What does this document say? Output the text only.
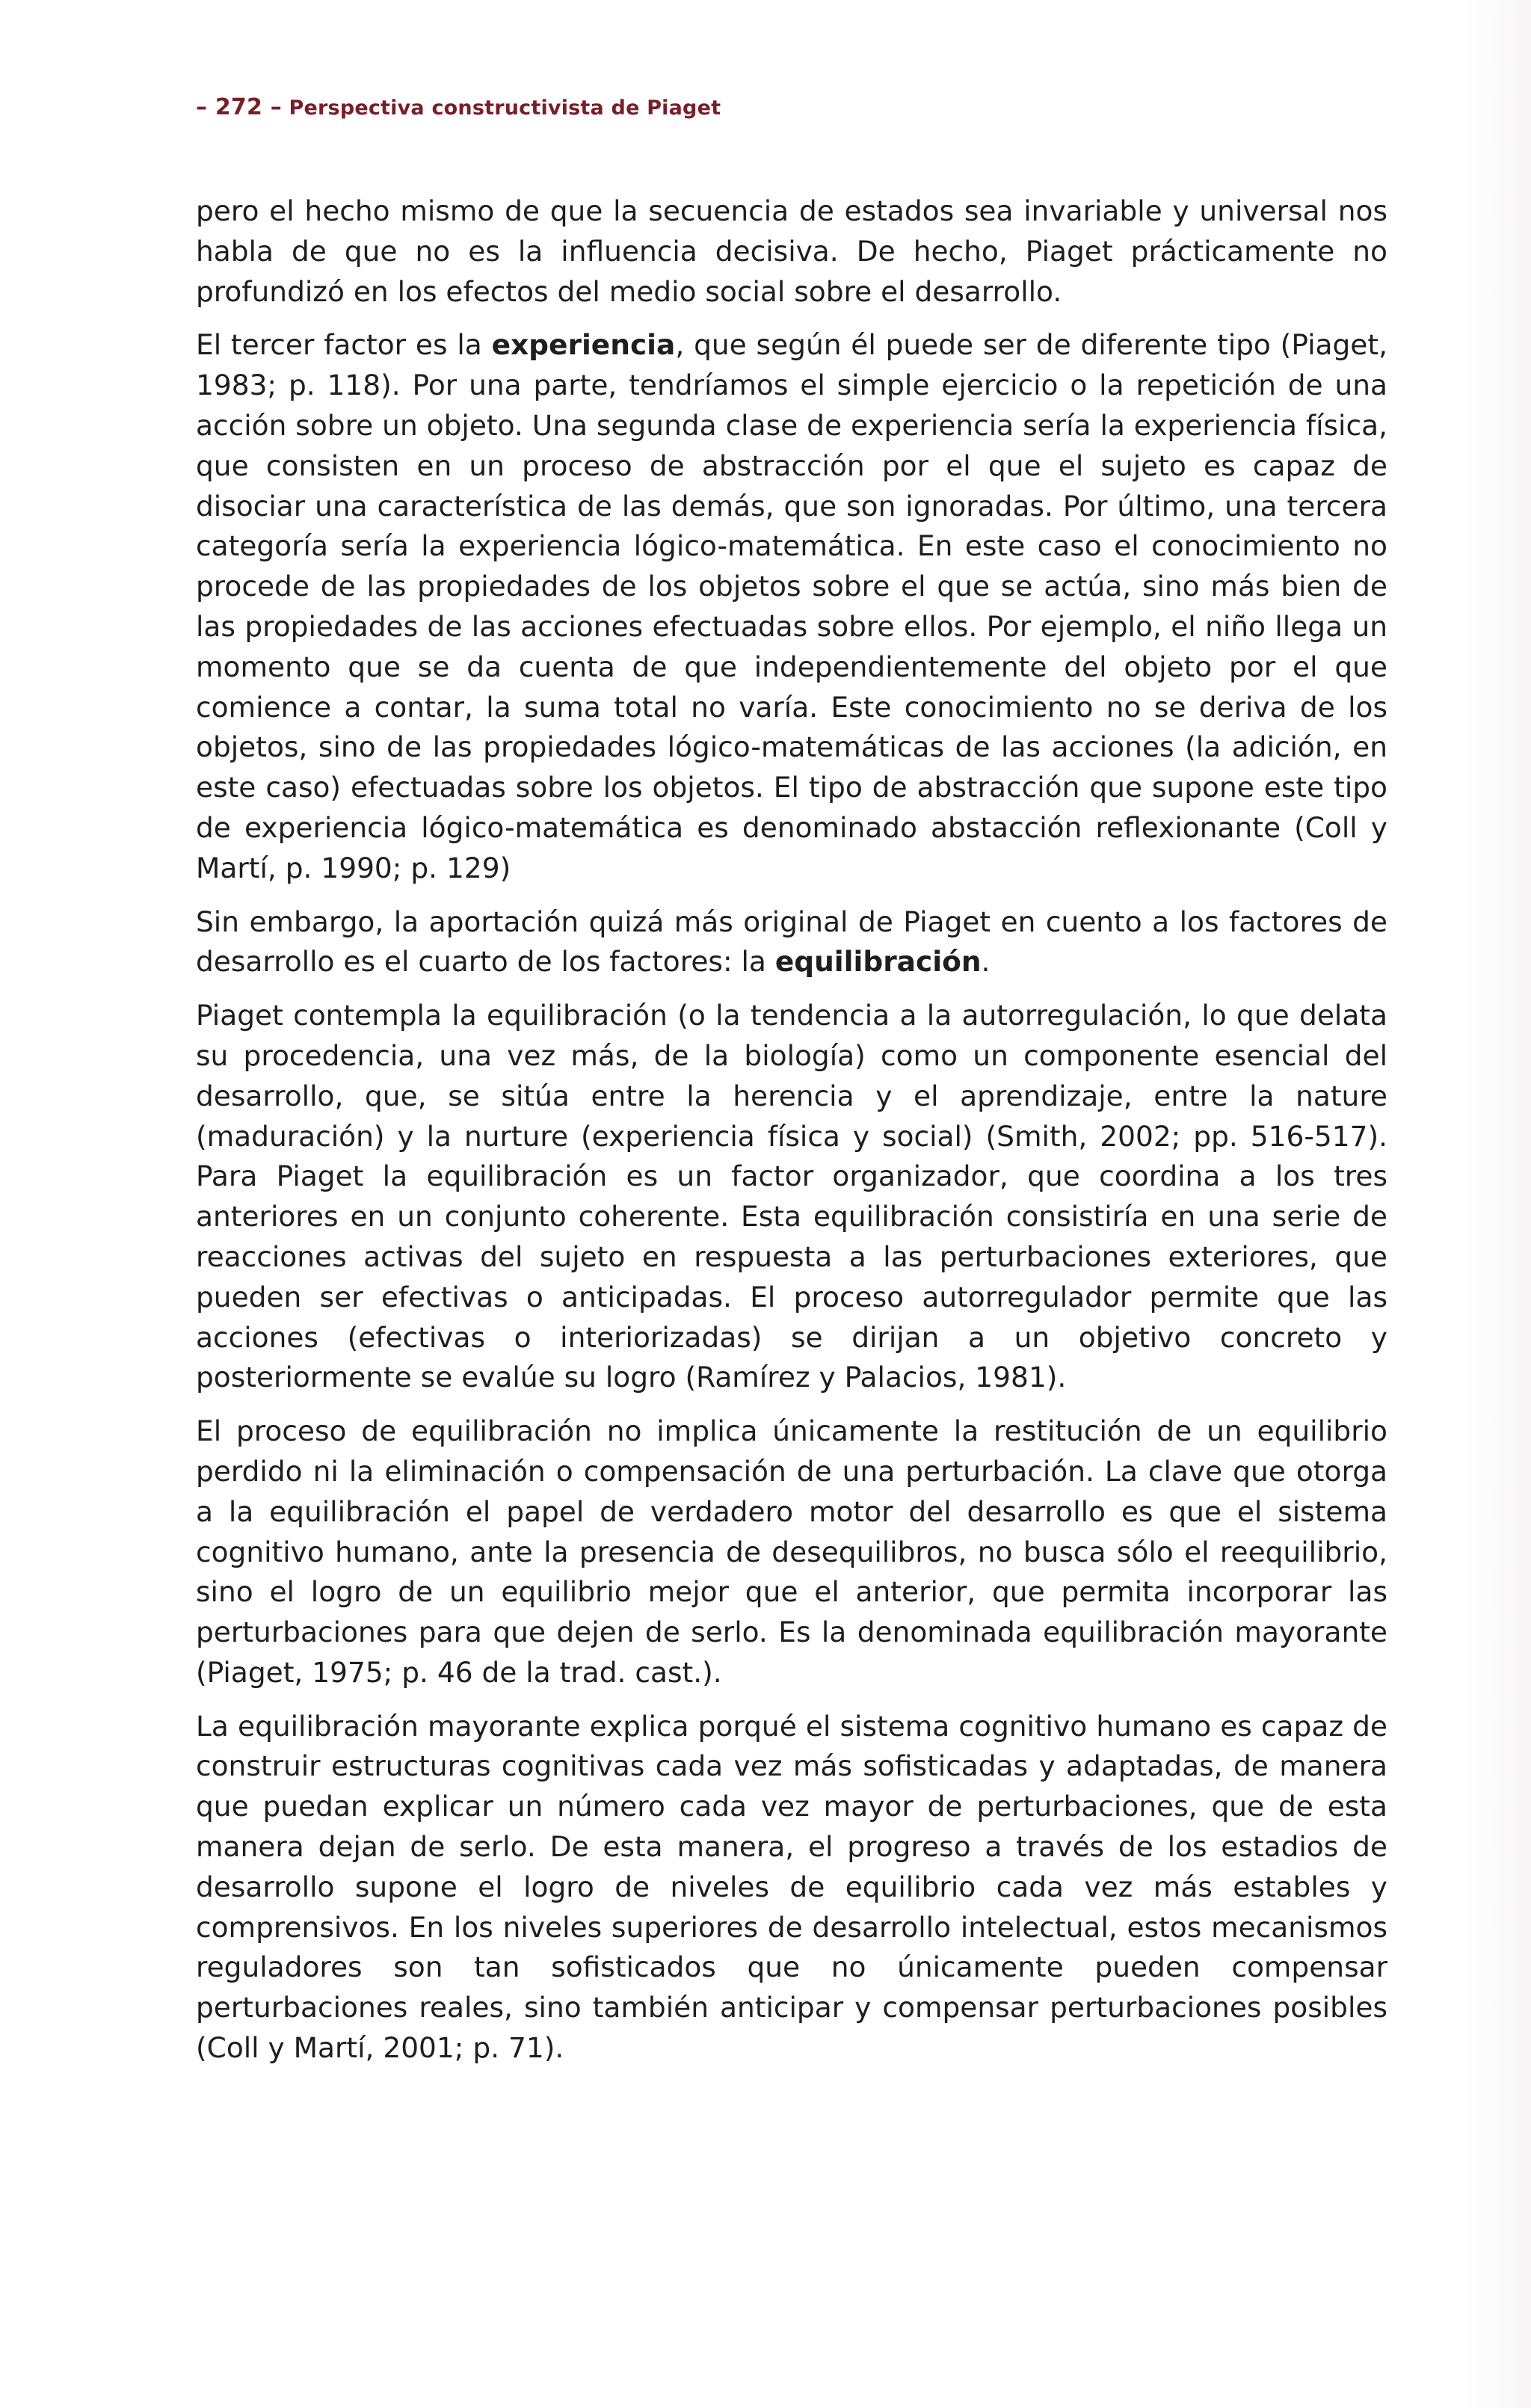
– 272 – Perspectiva constructivista de Piaget

pero el hecho mismo de que la secuencia de estados sea invariable y universal nos habla de que no es la influencia decisiva. De hecho, Piaget prácticamente no profundizó en los efectos del medio social sobre el desarrollo.

El tercer factor es la experiencia, que según él puede ser de diferente tipo (Piaget, 1983; p. 118). Por una parte, tendríamos el simple ejercicio o la repetición de una acción sobre un objeto. Una segunda clase de experiencia sería la experiencia física, que consisten en un proceso de abstracción por el que el sujeto es capaz de disociar una característica de las demás, que son ignoradas. Por último, una tercera categoría sería la experiencia lógico-matemática. En este caso el conocimiento no procede de las propiedades de los objetos sobre el que se actúa, sino más bien de las propiedades de las acciones efectuadas sobre ellos. Por ejemplo, el niño llega un momento que se da cuenta de que independientemente del objeto por el que comience a contar, la suma total no varía. Este conocimiento no se deriva de los objetos, sino de las propiedades lógico-matemáticas de las acciones (la adición, en este caso) efectuadas sobre los objetos. El tipo de abstracción que supone este tipo de experiencia lógico-matemática es denominado abstacción reflexionante (Coll y Martí, p. 1990; p. 129)

Sin embargo, la aportación quizá más original de Piaget en cuento a los factores de desarrollo es el cuarto de los factores: la equilibración.

Piaget contempla la equilibración (o la tendencia a la autorregulación, lo que delata su procedencia, una vez más, de la biología) como un componente esencial del desarrollo, que, se sitúa entre la herencia y el aprendizaje, entre la nature (maduración) y la nurture (experiencia física y social) (Smith, 2002; pp. 516-517). Para Piaget la equilibración es un factor organizador, que coordina a los tres anteriores en un conjunto coherente. Esta equilibración consistiría en una serie de reacciones activas del sujeto en respuesta a las perturbaciones exteriores, que pueden ser efectivas o anticipadas. El proceso autorregulador permite que las acciones (efectivas o interiorizadas) se dirijan a un objetivo concreto y posteriormente se evalúe su logro (Ramírez y Palacios, 1981).

El proceso de equilibración no implica únicamente la restitución de un equilibrio perdido ni la eliminación o compensación de una perturbación. La clave que otorga a la equilibración el papel de verdadero motor del desarrollo es que el sistema cognitivo humano, ante la presencia de desequilibros, no busca sólo el reequilibrio, sino el logro de un equilibrio mejor que el anterior, que permita incorporar las perturbaciones para que dejen de serlo. Es la denominada equilibración mayorante (Piaget, 1975; p. 46 de la trad. cast.).

La equilibración mayorante explica porqué el sistema cognitivo humano es capaz de construir estructuras cognitivas cada vez más sofisticadas y adaptadas, de manera que puedan explicar un número cada vez mayor de perturbaciones, que de esta manera dejan de serlo. De esta manera, el progreso a través de los estadios de desarrollo supone el logro de niveles de equilibrio cada vez más estables y comprensivos. En los niveles superiores de desarrollo intelectual, estos mecanismos reguladores son tan sofisticados que no únicamente pueden compensar perturbaciones reales, sino también anticipar y compensar perturbaciones posibles (Coll y Martí, 2001; p. 71).
